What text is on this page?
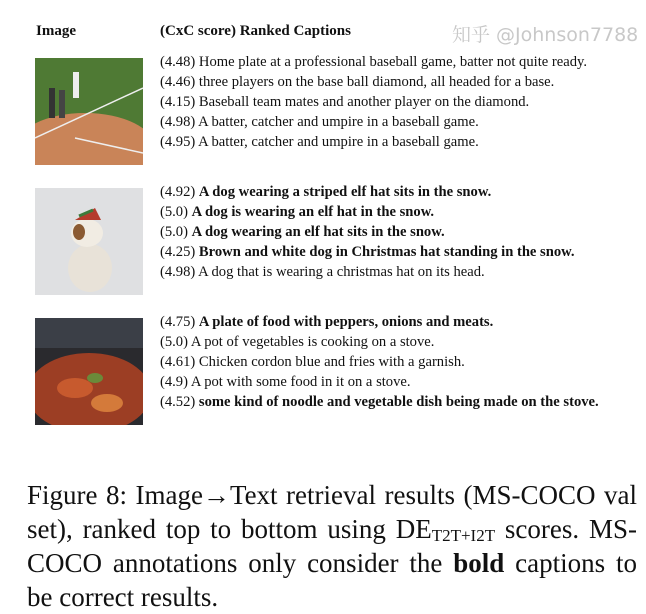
Image	(CxC score) Ranked Captions
(4.48) Home plate at a professional baseball game, batter not quite ready.
(4.46) three players on the base ball diamond, all headed for a base.
(4.15) Baseball team mates and another player on the diamond.
(4.98) A batter, catcher and umpire in a baseball game.
(4.95) A batter, catcher and umpire in a baseball game.
(4.92) A dog wearing a striped elf hat sits in the snow.
(5.0) A dog is wearing an elf hat in the snow.
(5.0) A dog wearing an elf hat sits in the snow.
(4.25) Brown and white dog in Christmas hat standing in the snow.
(4.98) A dog that is wearing a christmas hat on its head.
(4.75) A plate of food with peppers, onions and meats.
(5.0) A pot of vegetables is cooking on a stove.
(4.61) Chicken cordon blue and fries with a garnish.
(4.9) A pot with some food in it on a stove.
(4.52) some kind of noodle and vegetable dish being made on the stove.
Figure 8: Image→Text retrieval results (MS-COCO val set), ranked top to bottom using $DE_{T2T+I2T}$ scores. MS-COCO annotations only consider the bold captions to be correct results.
知乎 @Johnson7788
